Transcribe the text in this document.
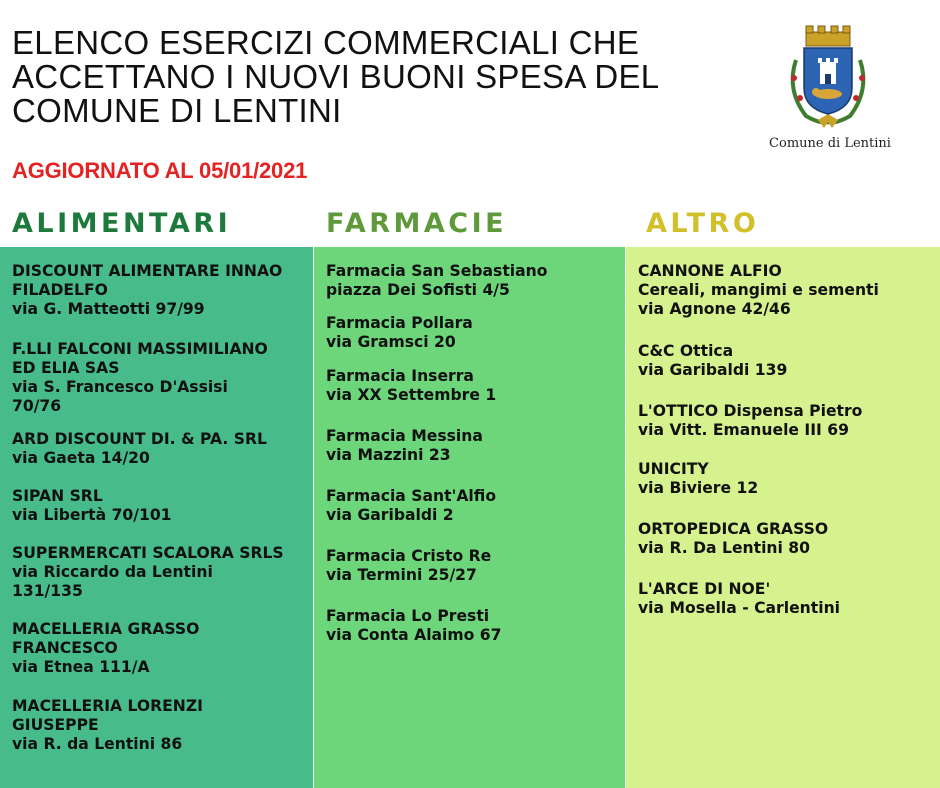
ELENCO ESERCIZI COMMERCIALI CHE
ACCETTANO I NUOVI BUONI SPESA DEL
COMUNE DI LENTINI
AGGIORNATO AL 05/01/2021
Comune di Lentini
ALIMENTARI	FARMACIE	ALTRO
DISCOUNT ALIMENTARE INNAO
FILADELFO
via G. Matteotti 97/99
F.LLI FALCONI MASSIMILIANO
ED ELIA SAS
via S. Francesco D'Assisi
70/76
ARD DISCOUNT DI. & PA. SRL
via Gaeta 14/20
SIPAN SRL
via Libertà 70/101
SUPERMERCATI SCALORA SRLS
via Riccardo da Lentini
131/135
MACELLERIA GRASSO
FRANCESCO
via Etnea 111/A
MACELLERIA LORENZI
GIUSEPPE
via R. da Lentini 86
Farmacia San Sebastiano
piazza Dei Sofisti 4/5
Farmacia Pollara
via Gramsci 20
Farmacia Inserra
via XX Settembre 1
Farmacia Messina
via Mazzini 23
Farmacia Sant'Alfio
via Garibaldi 2
Farmacia Cristo Re
via Termini 25/27
Farmacia Lo Presti
via Conta Alaimo 67
CANNONE ALFIO
Cereali, mangimi e sementi
via Agnone 42/46
C&C Ottica
via Garibaldi 139
L'OTTICO Dispensa Pietro
via Vitt. Emanuele III 69
UNICITY
via Biviere 12
ORTOPEDICA GRASSO
via R. Da Lentini 80
L'ARCE DI NOE'
via Mosella - Carlentini
